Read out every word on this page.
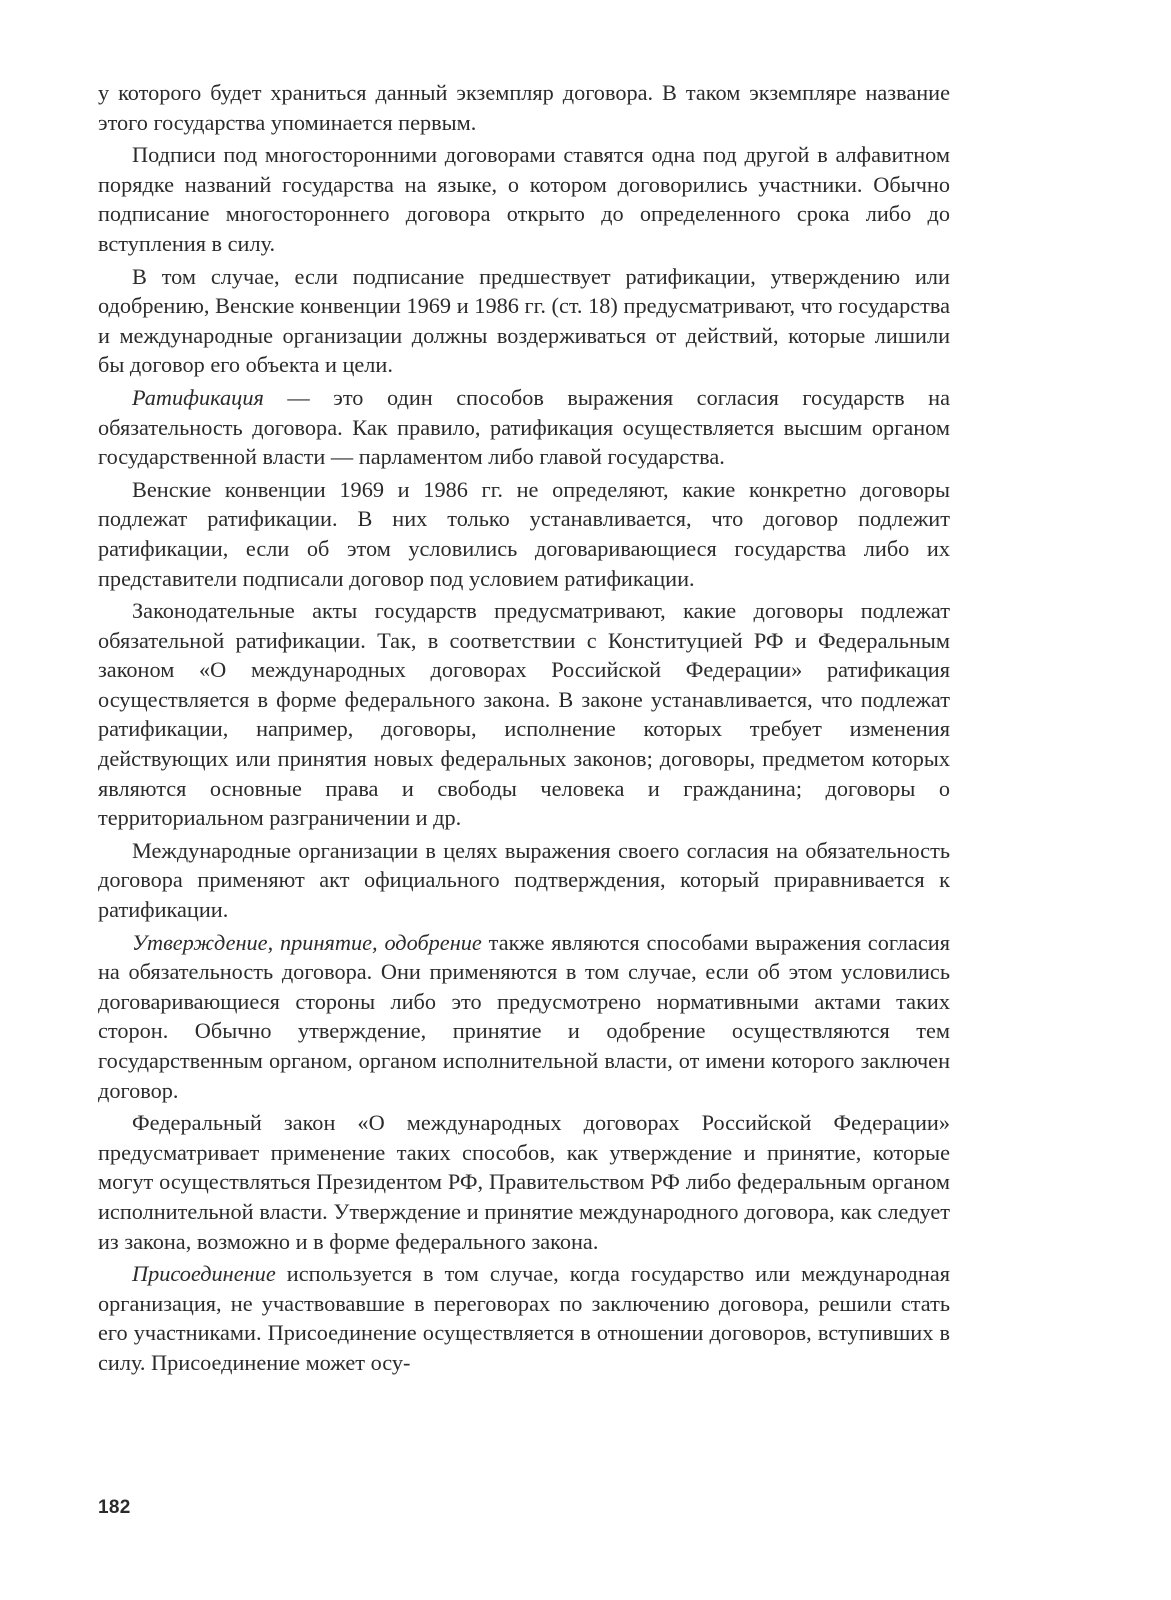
у которого будет храниться данный экземпляр договора. В таком экземпляре название этого государства упоминается первым.

Подписи под многосторонними договорами ставятся одна под другой в алфавитном порядке названий государства на языке, о котором договорились участники. Обычно подписание многостороннего договора открыто до определенного срока либо до вступления в силу.

В том случае, если подписание предшествует ратификации, утверждению или одобрению, Венские конвенции 1969 и 1986 гг. (ст. 18) предусматривают, что государства и международные организации должны воздерживаться от действий, которые лишили бы договор его объекта и цели.

Ратификация — это один способов выражения согласия государств на обязательность договора. Как правило, ратификация осуществляется высшим органом государственной власти — парламентом либо главой государства.

Венские конвенции 1969 и 1986 гг. не определяют, какие конкретно договоры подлежат ратификации. В них только устанавливается, что договор подлежит ратификации, если об этом условились договаривающиеся государства либо их представители подписали договор под условием ратификации.

Законодательные акты государств предусматривают, какие договоры подлежат обязательной ратификации. Так, в соответствии с Конституцией РФ и Федеральным законом «О международных договорах Российской Федерации» ратификация осуществляется в форме федерального закона. В законе устанавливается, что подлежат ратификации, например, договоры, исполнение которых требует изменения действующих или принятия новых федеральных законов; договоры, предметом которых являются основные права и свободы человека и гражданина; договоры о территориальном разграничении и др.

Международные организации в целях выражения своего согласия на обязательность договора применяют акт официального подтверждения, который приравнивается к ратификации.

Утверждение, принятие, одобрение также являются способами выражения согласия на обязательность договора. Они применяются в том случае, если об этом условились договаривающиеся стороны либо это предусмотрено нормативными актами таких сторон. Обычно утверждение, принятие и одобрение осуществляются тем государственным органом, органом исполнительной власти, от имени которого заключен договор.

Федеральный закон «О международных договорах Российской Федерации» предусматривает применение таких способов, как утверждение и принятие, которые могут осуществляться Президентом РФ, Правительством РФ либо федеральным органом исполнительной власти. Утверждение и принятие международного договора, как следует из закона, возможно и в форме федерального закона.

Присоединение используется в том случае, когда государство или международная организация, не участвовавшие в переговорах по заключению договора, решили стать его участниками. Присоединение осуществляется в отношении договоров, вступивших в силу. Присоединение может осу-

182
